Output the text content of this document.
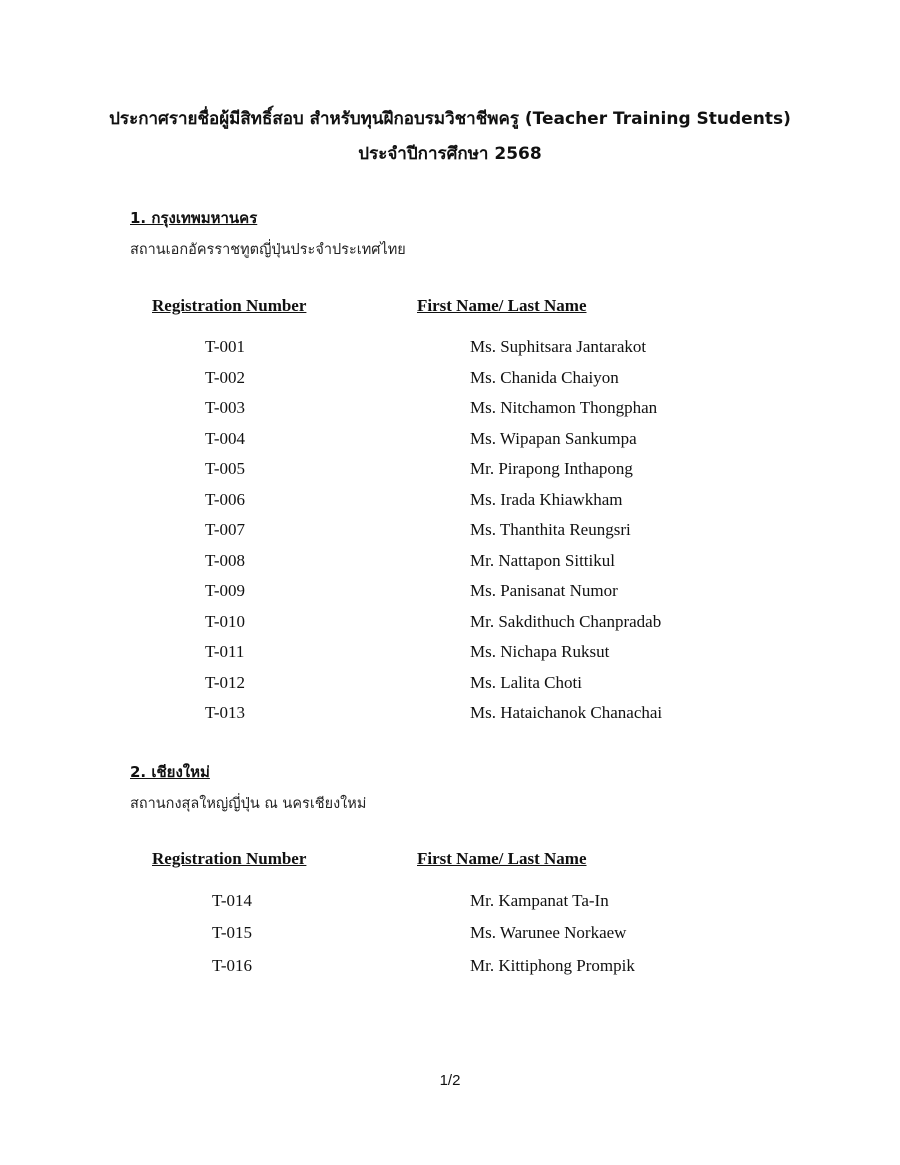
ประกาศรายชื่อผู้มีสิทธิ์สอบ สำหรับทุนฝึกอบรมวิชาชีพครู (Teacher Training Students)
ประจำปีการศึกษา 2568
1. กรุงเทพมหานคร
สถานเอกอัครราชทูตญี่ปุ่นประจำประเทศไทย
Registration Number	First Name/ Last Name
T-001	Ms. Suphitsara Jantarakot
T-002	Ms. Chanida Chaiyon
T-003	Ms. Nitchamon Thongphan
T-004	Ms. Wipapan Sankumpa
T-005	Mr. Pirapong Inthapong
T-006	Ms. Irada Khiawkham
T-007	Ms. Thanthita Reungsri
T-008	Mr. Nattapon Sittikul
T-009	Ms. Panisanat Numor
T-010	Mr. Sakdithuch Chanpradab
T-011	Ms. Nichapa Ruksut
T-012	Ms. Lalita Choti
T-013	Ms. Hataichanok Chanachai
2. เชียงใหม่
สถานกงสุลใหญ่ญี่ปุ่น ณ นครเชียงใหม่
Registration Number	First Name/ Last Name
T-014	Mr. Kampanat Ta-In
T-015	Ms. Warunee Norkaew
T-016	Mr. Kittiphong Prompik
1/2
